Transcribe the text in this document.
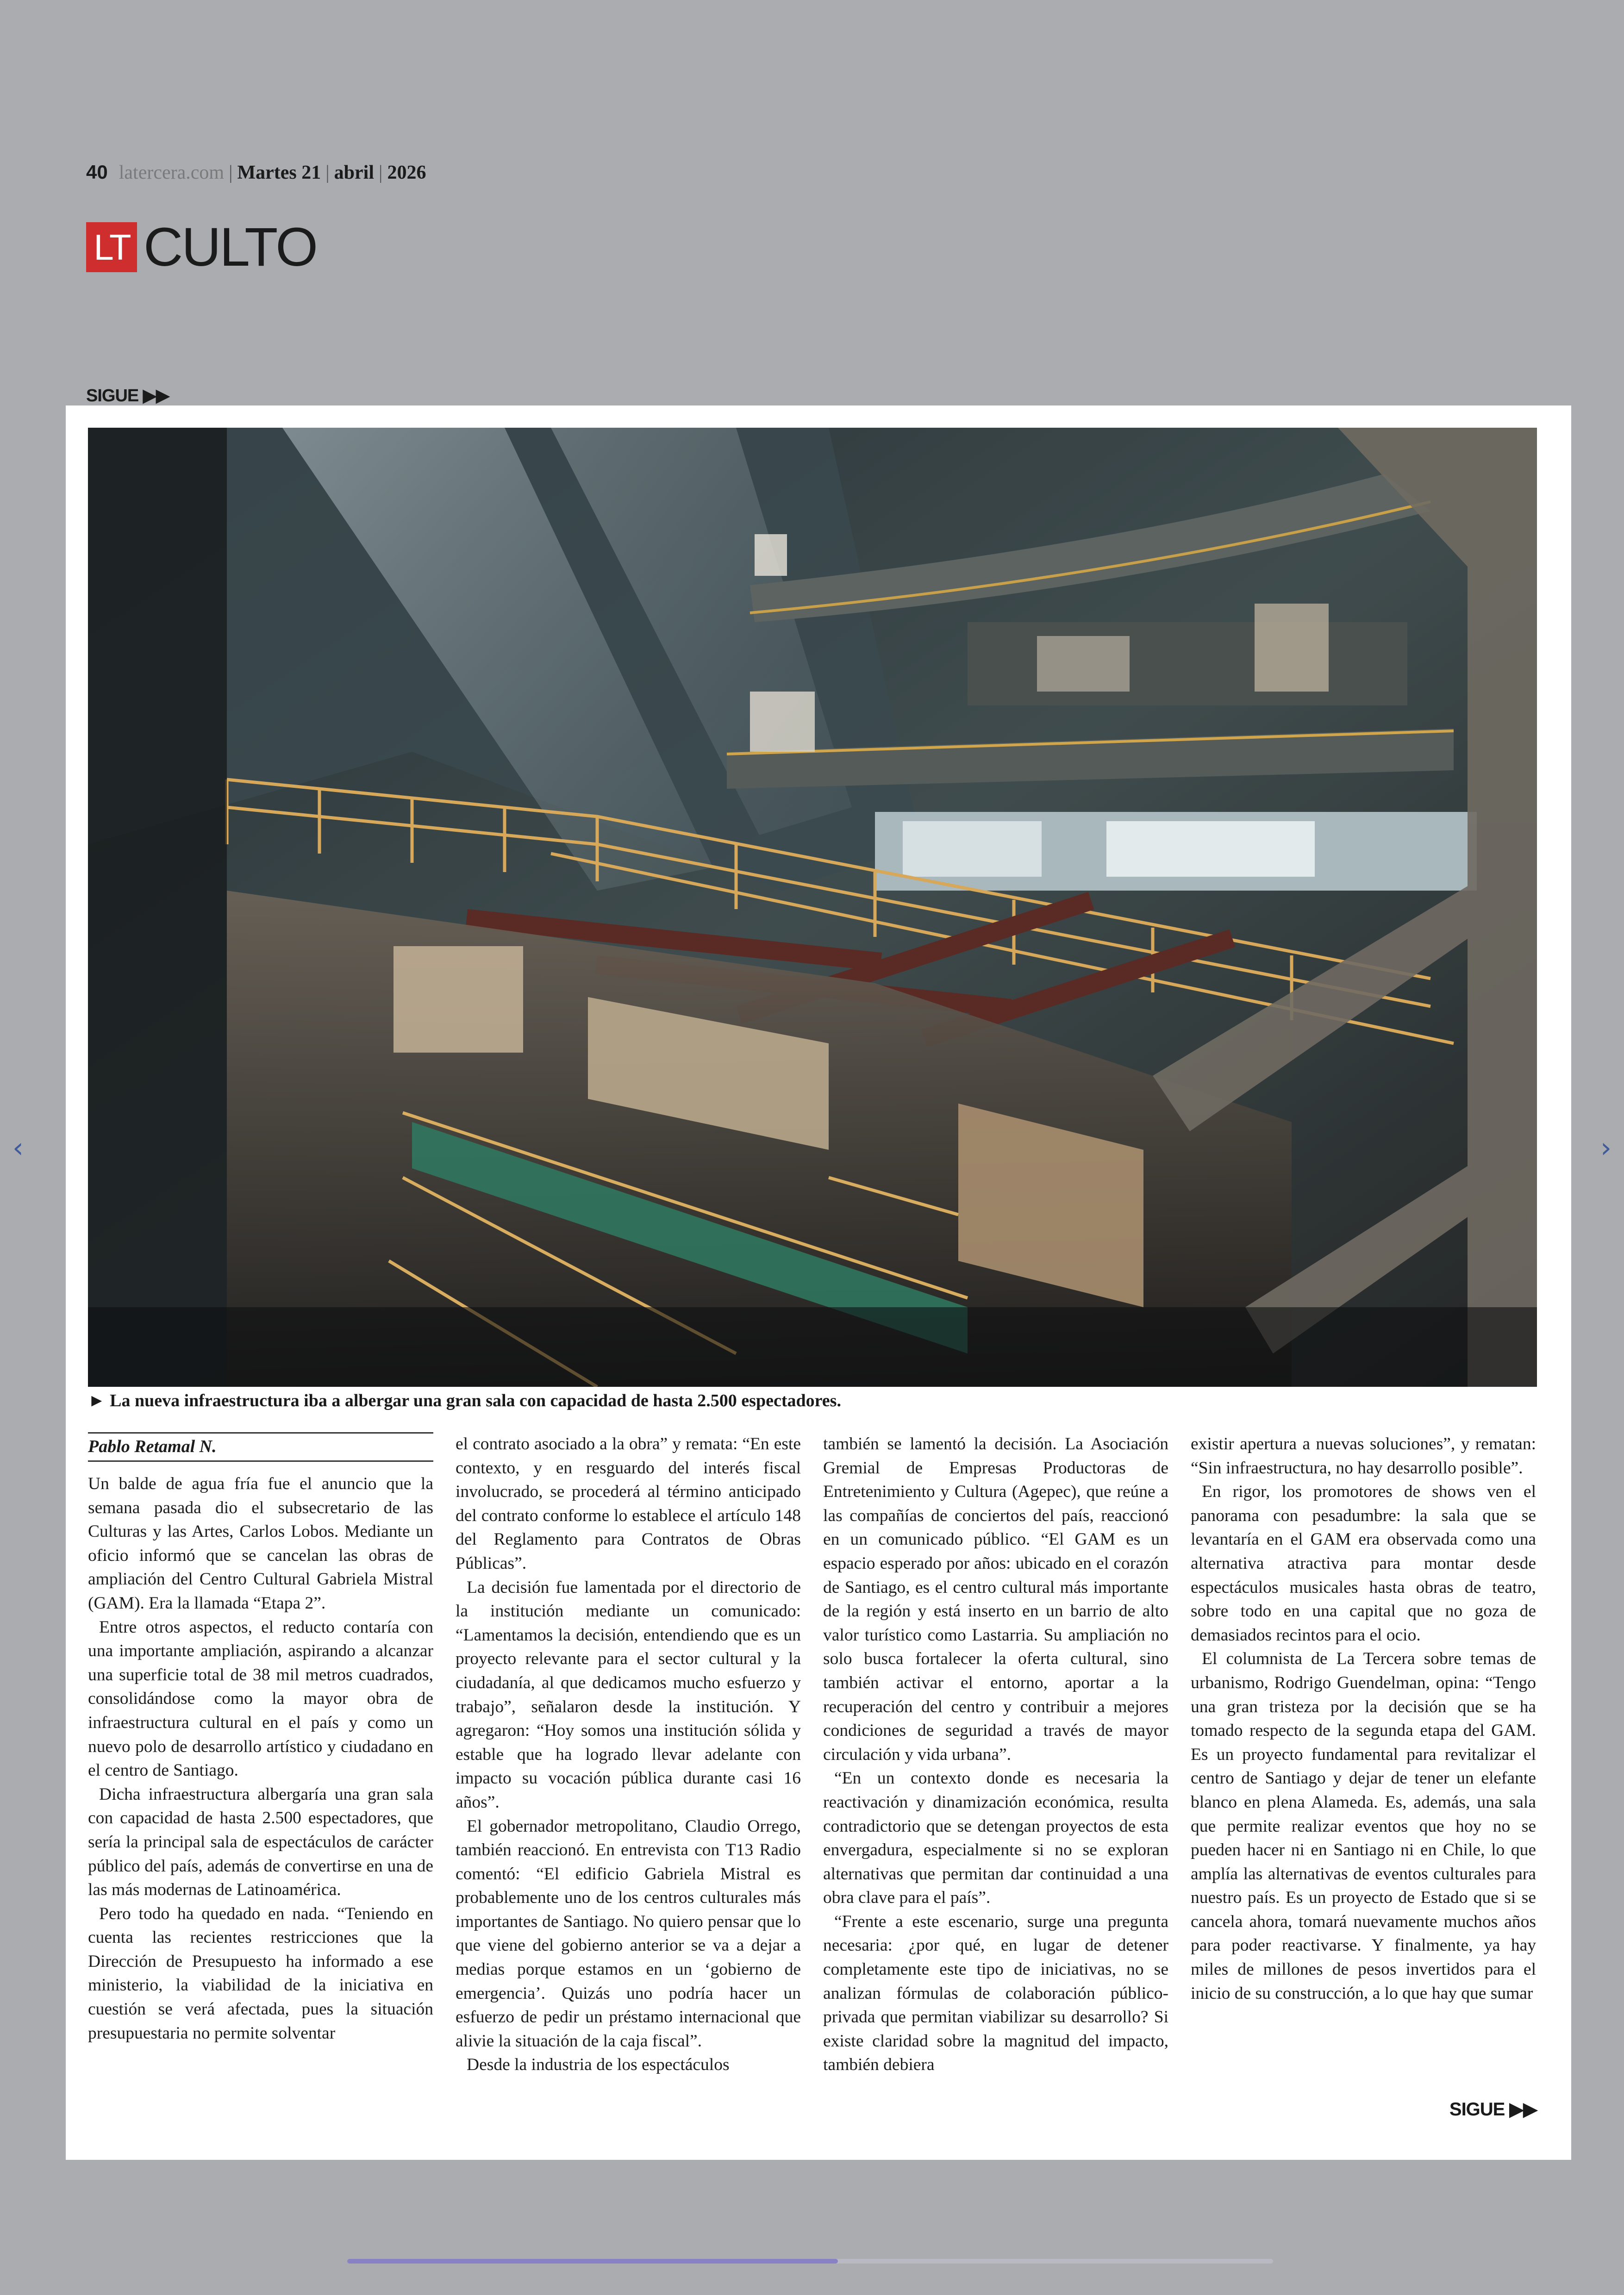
40 latercera.com | Martes 21 | abril | 2026
LT CULTO
SIGUE ▶▶
► La nueva infraestructura iba a albergar una gran sala con capacidad de hasta 2.500 espectadores.
Pablo Retamal N.

Un balde de agua fría fue el anuncio que la semana pasada dio el subsecretario de las Culturas y las Artes, Carlos Lobos. Mediante un oficio informó que se cancelan las obras de ampliación del Centro Cultural Gabriela Mistral (GAM). Era la llamada “Etapa 2”.

Entre otros aspectos, el reducto contaría con una importante ampliación, aspirando a alcanzar una superficie total de 38 mil metros cuadrados, consolidándose como la mayor obra de infraestructura cultural en el país y como un nuevo polo de desarrollo artístico y ciudadano en el centro de Santiago.

Dicha infraestructura albergaría una gran sala con capacidad de hasta 2.500 espectadores, que sería la principal sala de espectáculos de carácter público del país, además de convertirse en una de las más modernas de Latinoamérica.

Pero todo ha quedado en nada. “Teniendo en cuenta las recientes restricciones que la Dirección de Presupuesto ha informado a ese ministerio, la viabilidad de la iniciativa en cuestión se verá afectada, pues la situación presupuestaria no permite solventar

el contrato asociado a la obra” y remata: “En este contexto, y en resguardo del interés fiscal involucrado, se procederá al término anticipado del contrato conforme lo establece el artículo 148 del Reglamento para Contratos de Obras Públicas”.

La decisión fue lamentada por el directorio de la institución mediante un comunicado: “Lamentamos la decisión, entendiendo que es un proyecto relevante para el sector cultural y la ciudadanía, al que dedicamos mucho esfuerzo y trabajo”, señalaron desde la institución. Y agregaron: “Hoy somos una institución sólida y estable que ha logrado llevar adelante con impacto su vocación pública durante casi 16 años”.

El gobernador metropolitano, Claudio Orrego, también reaccionó. En entrevista con T13 Radio comentó: “El edificio Gabriela Mistral es probablemente uno de los centros culturales más importantes de Santiago. No quiero pensar que lo que viene del gobierno anterior se va a dejar a medias porque estamos en un ‘gobierno de emergencia’. Quizás uno podría hacer un esfuerzo de pedir un préstamo internacional que alivie la situación de la caja fiscal”.

Desde la industria de los espectáculos

también se lamentó la decisión. La Asociación Gremial de Empresas Productoras de Entretenimiento y Cultura (Agepec), que reúne a las compañías de conciertos del país, reaccionó en un comunicado público. “El GAM es un espacio esperado por años: ubicado en el corazón de Santiago, es el centro cultural más importante de la región y está inserto en un barrio de alto valor turístico como Lastarria. Su ampliación no solo busca fortalecer la oferta cultural, sino también activar el entorno, aportar a la recuperación del centro y contribuir a mejores condiciones de seguridad a través de mayor circulación y vida urbana”.

“En un contexto donde es necesaria la reactivación y dinamización económica, resulta contradictorio que se detengan proyectos de esta envergadura, especialmente si no se exploran alternativas que permitan dar continuidad a una obra clave para el país”.

“Frente a este escenario, surge una pregunta necesaria: ¿por qué, en lugar de detener completamente este tipo de iniciativas, no se analizan fórmulas de colaboración público-privada que permitan viabilizar su desarrollo? Si existe claridad sobre la magnitud del impacto, también debiera

existir apertura a nuevas soluciones”, y rematan: “Sin infraestructura, no hay desarrollo posible”.

En rigor, los promotores de shows ven el panorama con pesadumbre: la sala que se levantaría en el GAM era observada como una alternativa atractiva para montar desde espectáculos musicales hasta obras de teatro, sobre todo en una capital que no goza de demasiados recintos para el ocio.

El columnista de La Tercera sobre temas de urbanismo, Rodrigo Guendelman, opina: “Tengo una gran tristeza por la decisión que se ha tomado respecto de la segunda etapa del GAM. Es un proyecto fundamental para revitalizar el centro de Santiago y dejar de tener un elefante blanco en plena Alameda. Es, además, una sala que permite realizar eventos que hoy no se pueden hacer ni en Santiago ni en Chile, lo que amplía las alternativas de eventos culturales para nuestro país. Es un proyecto de Estado que si se cancela ahora, tomará nuevamente muchos años para poder reactivarse. Y finalmente, ya hay miles de millones de pesos invertidos para el inicio de su construcción, a lo que hay que sumar

SIGUE ▶▶
‹	›
